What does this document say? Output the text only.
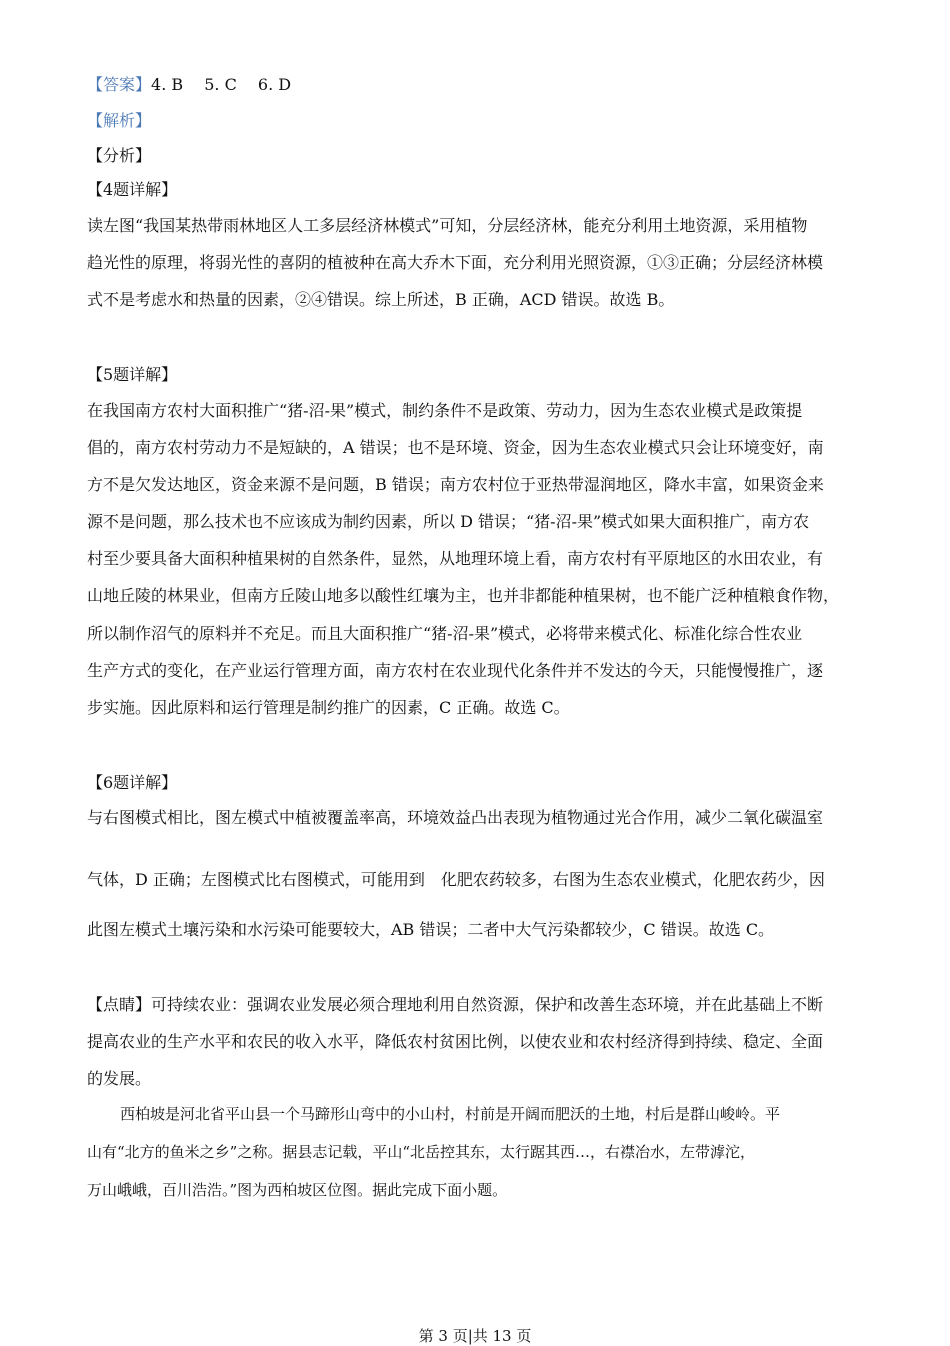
【答案】4. B　 5. C　 6. D
【解析】
【分析】
【4题详解】
读左图“我国某热带雨林地区人工多层经济林模式”可知，分层经济林，能充分利用土地资源，采用植物
趋光性的原理，将弱光性的喜阴的植被种在高大乔木下面，充分利用光照资源，①③正确；分层经济林模
式不是考虑水和热量的因素，②④错误。综上所述，B 正确，ACD 错误。故选 B。
【5题详解】
在我国南方农村大面积推广“猪-沼-果”模式，制约条件不是政策、劳动力，因为生态农业模式是政策提
倡的，南方农村劳动力不是短缺的，A 错误；也不是环境、资金，因为生态农业模式只会让环境变好，南
方不是欠发达地区，资金来源不是问题，B 错误；南方农村位于亚热带湿润地区，降水丰富，如果资金来
源不是问题，那么技术也不应该成为制约因素，所以 D 错误；“猪-沼-果”模式如果大面积推广，南方农
村至少要具备大面积种植果树的自然条件，显然，从地理环境上看，南方农村有平原地区的水田农业，有
山地丘陵的林果业，但南方丘陵山地多以酸性红壤为主，也并非都能种植果树，也不能广泛种植粮食作物，
所以制作沼气的原料并不充足。而且大面积推广“猪-沼-果”模式，必将带来模式化、标准化综合性农业
生产方式的变化，在产业运行管理方面，南方农村在农业现代化条件并不发达的今天，只能慢慢推广，逐
步实施。因此原料和运行管理是制约推广的因素，C 正确。故选 C。
【6题详解】
与右图模式相比，图左模式中植被覆盖率高，环境效益凸出表现为植物通过光合作用，减少二氧化碳温室
气体，D 正确；左图模式比右图模式，可能用到　化肥农药较多，右图为生态农业模式，化肥农药少，因
此图左模式土壤污染和水污染可能要较大，AB 错误；二者中大气污染都较少，C 错误。故选 C。
【点睛】可持续农业：强调农业发展必须合理地利用自然资源，保护和改善生态环境，并在此基础上不断
提高农业的生产水平和农民的收入水平，降低农村贫困比例，以使农业和农村经济得到持续、稳定、全面
的发展。
西柏坡是河北省平山县一个马蹄形山弯中的小山村，村前是开阔而肥沃的土地，村后是群山峻岭。平
山有“北方的鱼米之乡”之称。据县志记载，平山“北岳控其东，太行踞其西…，右襟冶水，左带滹沱，
万山峨峨，百川浩浩。”图为西柏坡区位图。据此完成下面小题。
第 3 页|共 13 页
